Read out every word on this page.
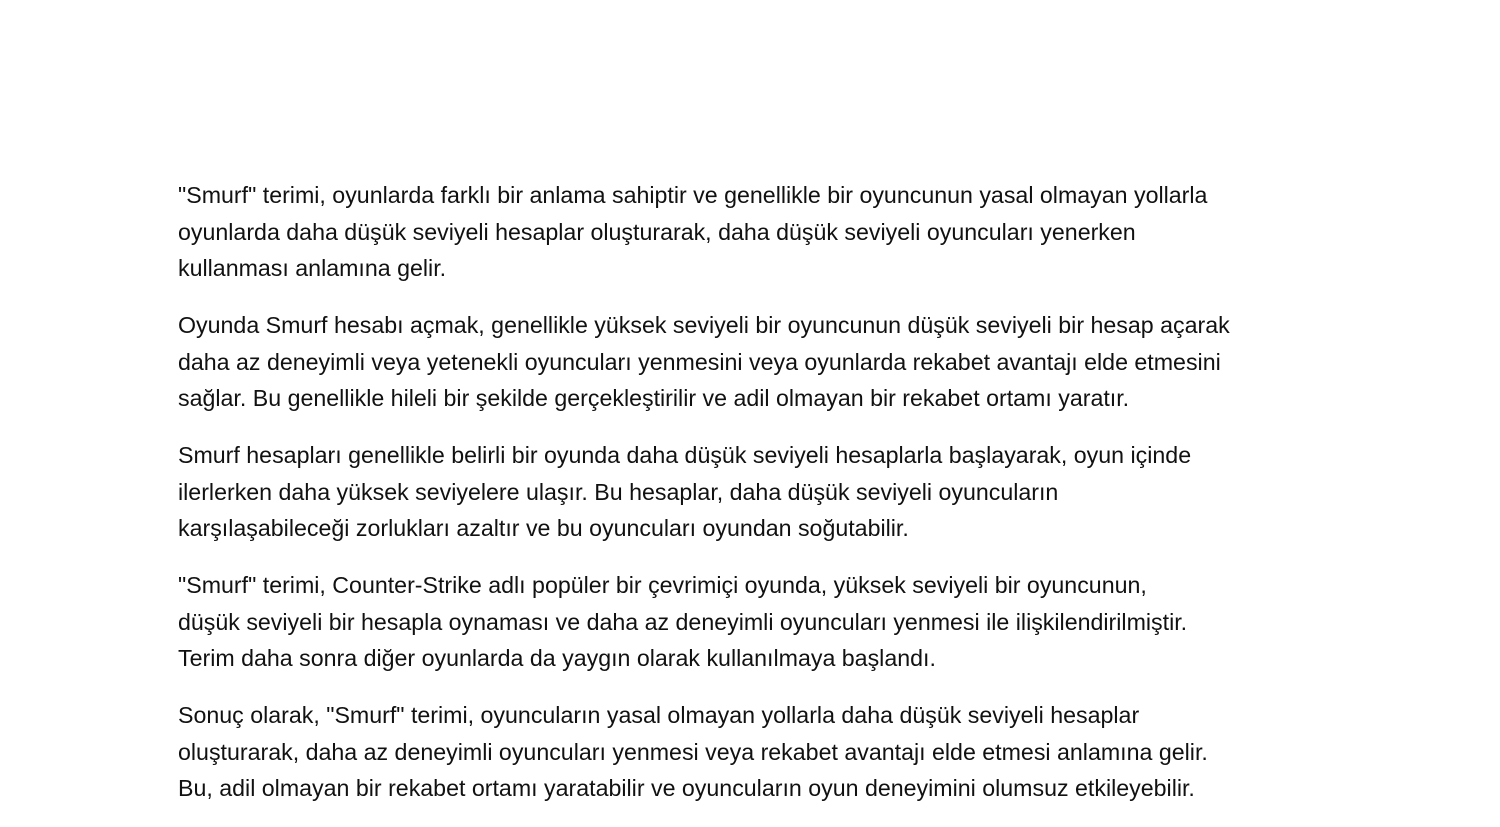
"Smurf" terimi, oyunlarda farklı bir anlama sahiptir ve genellikle bir oyuncunun yasal olmayan yollarla
oyunlarda daha düşük seviyeli hesaplar oluşturarak, daha düşük seviyeli oyuncuları yenerken
kullanması anlamına gelir.

Oyunda Smurf hesabı açmak, genellikle yüksek seviyeli bir oyuncunun düşük seviyeli bir hesap açarak
daha az deneyimli veya yetenekli oyuncuları yenmesini veya oyunlarda rekabet avantajı elde etmesini
sağlar. Bu genellikle hileli bir şekilde gerçekleştirilir ve adil olmayan bir rekabet ortamı yaratır.

Smurf hesapları genellikle belirli bir oyunda daha düşük seviyeli hesaplarla başlayarak, oyun içinde
ilerlerken daha yüksek seviyelere ulaşır. Bu hesaplar, daha düşük seviyeli oyuncuların
karşılaşabileceği zorlukları azaltır ve bu oyuncuları oyundan soğutabilir.

"Smurf" terimi, Counter-Strike adlı popüler bir çevrimiçi oyunda, yüksek seviyeli bir oyuncunun,
düşük seviyeli bir hesapla oynaması ve daha az deneyimli oyuncuları yenmesi ile ilişkilendirilmiştir.
Terim daha sonra diğer oyunlarda da yaygın olarak kullanılmaya başlandı.

Sonuç olarak, "Smurf" terimi, oyuncuların yasal olmayan yollarla daha düşük seviyeli hesaplar
oluşturarak, daha az deneyimli oyuncuları yenmesi veya rekabet avantajı elde etmesi anlamına gelir.
Bu, adil olmayan bir rekabet ortamı yaratabilir ve oyuncuların oyun deneyimini olumsuz etkileyebilir.
